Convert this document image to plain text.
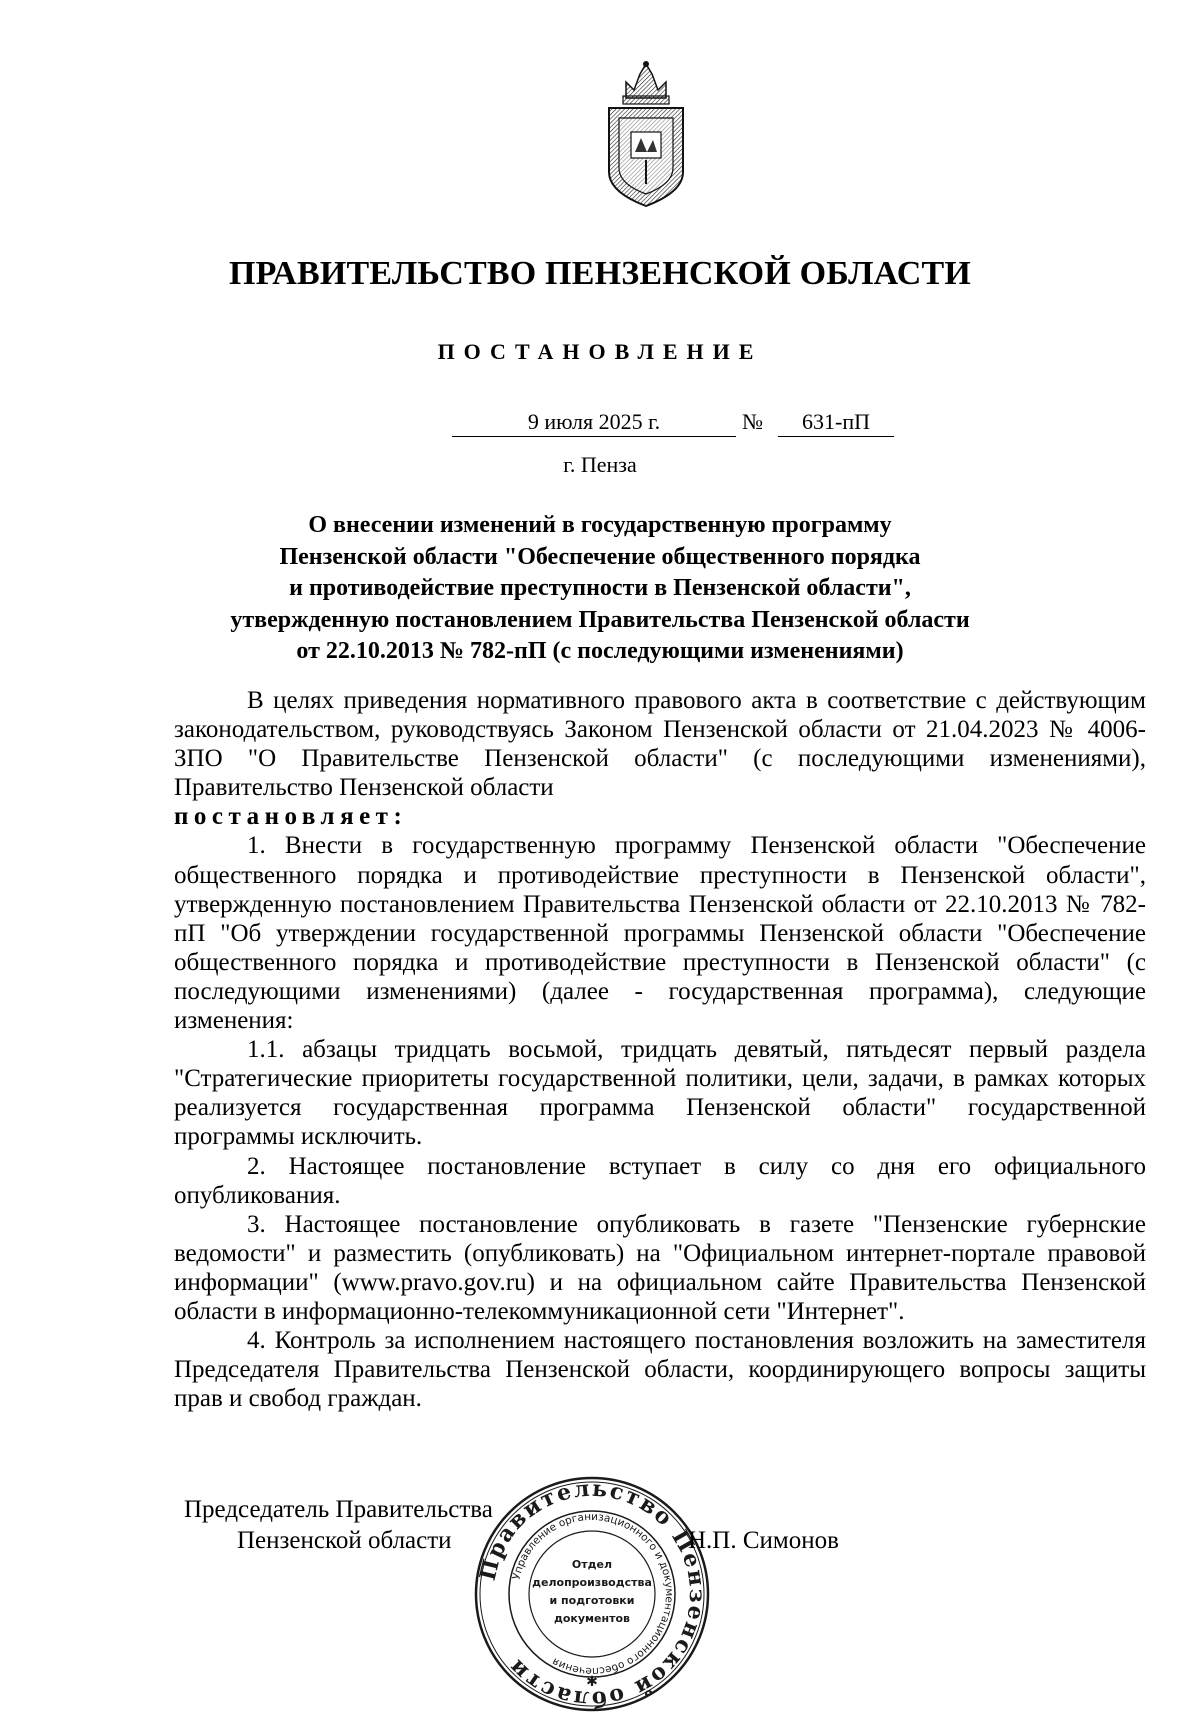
ПРАВИТЕЛЬСТВО ПЕНЗЕНСКОЙ ОБЛАСТИ
ПОСТАНОВЛЕНИЕ
9 июля 2025 г.	№	631-пП
г. Пенза
О внесении изменений в государственную программу
Пензенской области "Обеспечение общественного порядка
и противодействие преступности в Пензенской области",
утвержденную постановлением Правительства Пензенской области
от 22.10.2013 № 782-пП (с последующими изменениями)

В целях приведения нормативного правового акта в соответствие с действующим законодательством, руководствуясь Законом Пензенской области от 21.04.2023 № 4006-ЗПО "О Правительстве Пензенской области" (с последующими изменениями), Правительство Пензенской области

постановляет:

1. Внести в государственную программу Пензенской области "Обеспечение общественного порядка и противодействие преступности в Пензенской области", утвержденную постановлением Правительства Пензенской области от 22.10.2013 № 782-пП "Об утверждении государственной программы Пензенской области "Обеспечение общественного порядка и противодействие преступности в Пензенской области" (с последующими изменениями) (далее - государственная программа), следующие изменения:

1.1. абзацы тридцать восьмой, тридцать девятый, пятьдесят первый раздела "Стратегические приоритеты государственной политики, цели, задачи, в рамках которых реализуется государственная программа Пензенской области" государственной программы исключить.

2. Настоящее постановление вступает в силу со дня его официального опубликования.

3. Настоящее постановление опубликовать в газете "Пензенские губернские ведомости" и разместить (опубликовать) на "Официальном интернет-портале правовой информации" (www.pravo.gov.ru) и на официальном сайте Правительства Пензенской области в информационно-телекоммуникационной сети "Интернет".

4. Контроль за исполнением настоящего постановления возложить на заместителя Председателя Правительства Пензенской области, координирующего вопросы защиты прав и свобод граждан.

Председатель Правительства
Пензенской области
Правительство Пензенской области
Управление организационного и документационного обеспечения
Отдел
делопроизводства
и подготовки
документов
✱
Н.П. Симонов
